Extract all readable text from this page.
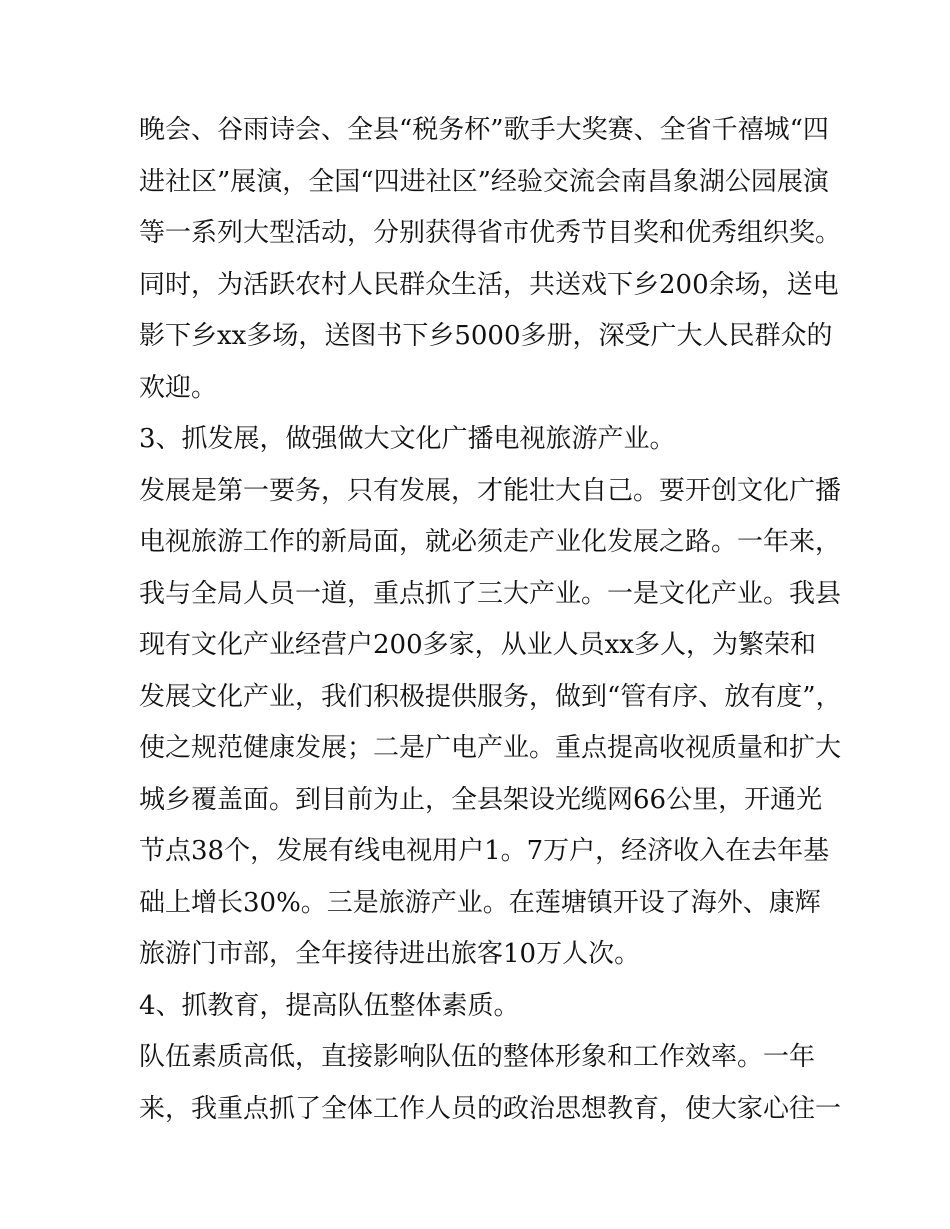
晚会、谷雨诗会、全县“税务杯”歌手大奖赛、全省千禧城“四
进社区”展演，全国“四进社区”经验交流会南昌象湖公园展演
等一系列大型活动，分别获得省市优秀节目奖和优秀组织奖。
同时，为活跃农村人民群众生活，共送戏下乡200余场，送电
影下乡xx多场，送图书下乡5000多册，深受广大人民群众的
欢迎。
3、抓发展，做强做大文化广播电视旅游产业。
发展是第一要务，只有发展，才能壮大自己。要开创文化广播
电视旅游工作的新局面，就必须走产业化发展之路。一年来，
我与全局人员一道，重点抓了三大产业。一是文化产业。我县
现有文化产业经营户200多家，从业人员xx多人，为繁荣和
发展文化产业，我们积极提供服务，做到“管有序、放有度”，
使之规范健康发展；二是广电产业。重点提高收视质量和扩大
城乡覆盖面。到目前为止，全县架设光缆网66公里，开通光
节点38个，发展有线电视用户1。7万户，经济收入在去年基
础上增长30%。三是旅游产业。在莲塘镇开设了海外、康辉
旅游门市部，全年接待进出旅客10万人次。
4、抓教育，提高队伍整体素质。
队伍素质高低，直接影响队伍的整体形象和工作效率。一年
来，我重点抓了全体工作人员的政治思想教育，使大家心往一
